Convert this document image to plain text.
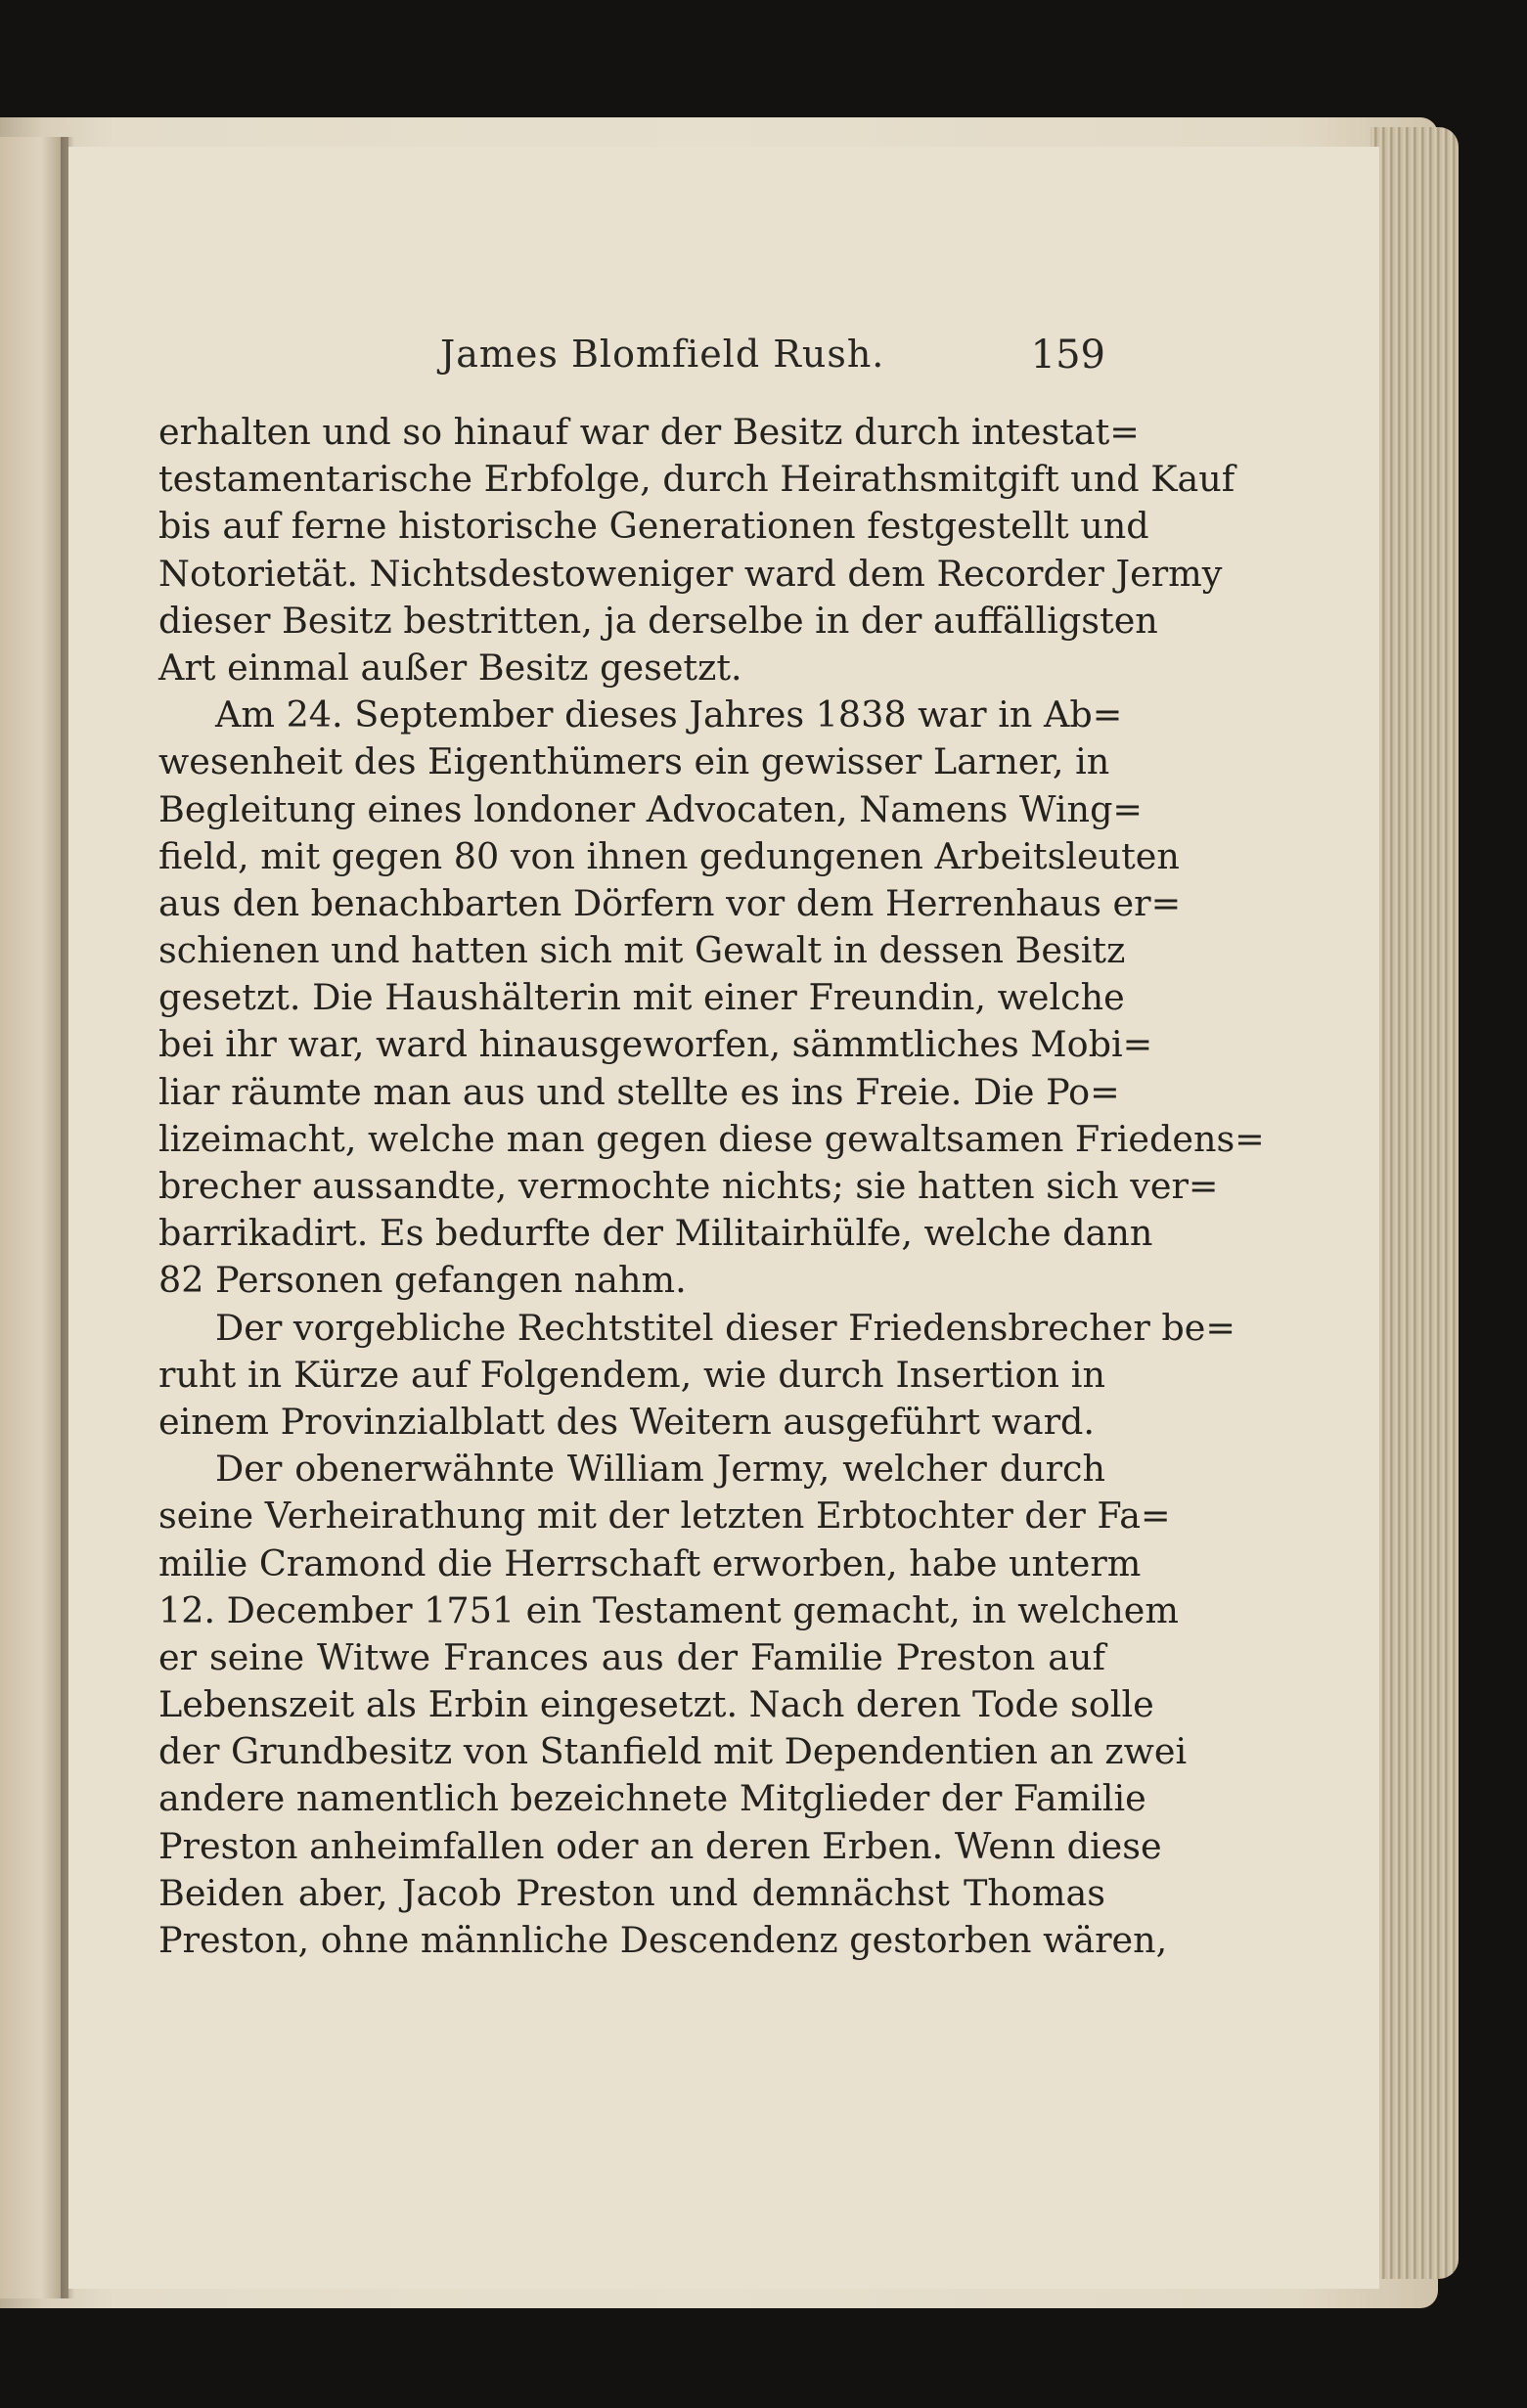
James Blomfield Rush.	159
erhalten und so hinauf war der Besitz durch intestat=
testamentarische Erbfolge, durch Heirathsmitgift und Kauf
bis auf ferne historische Generationen festgestellt und
Notorietät. Nichtsdestoweniger ward dem Recorder Jermy
dieser Besitz bestritten, ja derselbe in der auffälligsten
Art einmal außer Besitz gesetzt.
Am 24. September dieses Jahres 1838 war in Ab=
wesenheit des Eigenthümers ein gewisser Larner, in
Begleitung eines londoner Advocaten, Namens Wing=
field, mit gegen 80 von ihnen gedungenen Arbeitsleuten
aus den benachbarten Dörfern vor dem Herrenhaus er=
schienen und hatten sich mit Gewalt in dessen Besitz
gesetzt. Die Haushälterin mit einer Freundin, welche
bei ihr war, ward hinausgeworfen, sämmtliches Mobi=
liar räumte man aus und stellte es ins Freie. Die Po=
lizeimacht, welche man gegen diese gewaltsamen Friedens=
brecher aussandte, vermochte nichts; sie hatten sich ver=
barrikadirt. Es bedurfte der Militairhülfe, welche dann
82 Personen gefangen nahm.
Der vorgebliche Rechtstitel dieser Friedensbrecher be=
ruht in Kürze auf Folgendem, wie durch Insertion in
einem Provinzialblatt des Weitern ausgeführt ward.
Der obenerwähnte William Jermy, welcher durch
seine Verheirathung mit der letzten Erbtochter der Fa=
milie Cramond die Herrschaft erworben, habe unterm
12. December 1751 ein Testament gemacht, in welchem
er seine Witwe Frances aus der Familie Preston auf
Lebenszeit als Erbin eingesetzt. Nach deren Tode solle
der Grundbesitz von Stanfield mit Dependentien an zwei
andere namentlich bezeichnete Mitglieder der Familie
Preston anheimfallen oder an deren Erben. Wenn diese
Beiden aber, Jacob Preston und demnächst Thomas
Preston, ohne männliche Descendenz gestorben wären,
